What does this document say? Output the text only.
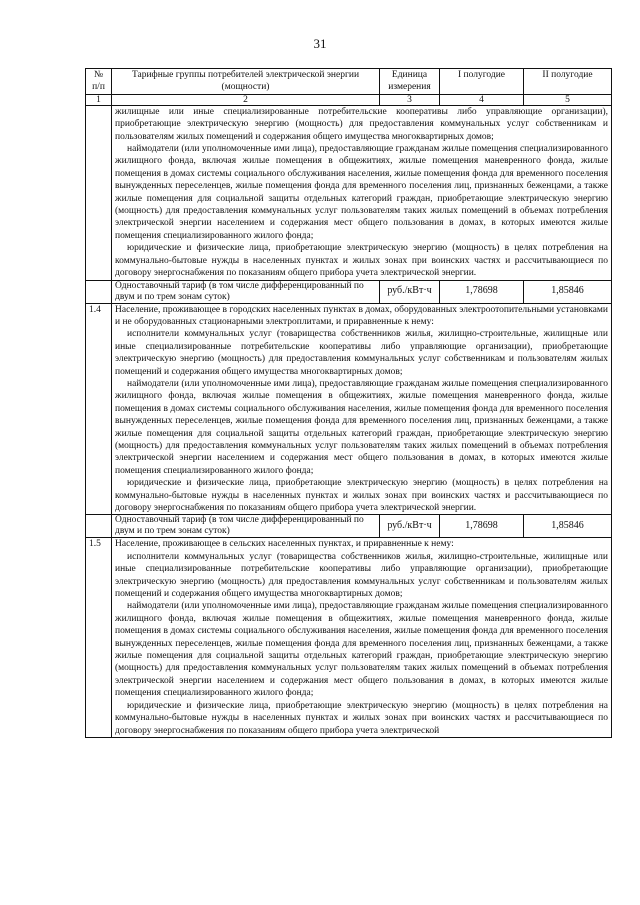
31
№ п/п	Тарифные группы потребителей электрической энергии (мощности)	Единица измерения	I полугодие	II полугодие
1	2	3	4	5

	жилищные или иные специализированные потребительские кооперативы либо управляющие организации), приобретающие электрическую энергию (мощность) для предоставления коммунальных услуг собственникам и пользователям жилых помещений и содержания общего имущества многоквартирных домов;

наймодатели (или уполномоченные ими лица), предоставляющие гражданам жилые помещения специализированного жилищного фонда, включая жилые помещения в общежитиях, жилые помещения маневренного фонда, жилые помещения в домах системы социального обслуживания населения, жилые помещения фонда для временного поселения вынужденных переселенцев, жилые помещения фонда для временного поселения лиц, признанных беженцами, а также жилые помещения для социальной защиты отдельных категорий граждан, приобретающие электрическую энергию (мощность) для предоставления коммунальных услуг пользователям таких жилых помещений в объемах потребления электрической энергии населением и содержания мест общего пользования в домах, в которых имеются жилые помещения специализированного жилого фонда;

юридические и физические лица, приобретающие электрическую энергию (мощность) в целях потребления на коммунально-бытовые нужды в населенных пунктах и жилых зонах при воинских частях и рассчитывающиеся по договору энергоснабжения по показаниям общего прибора учета электрической энергии.			

	Одноставочный тариф (в том числе дифференцированный по двум и по трем зонам суток)	руб./кВт·ч	1,78698	1,85846
1.4	Население, проживающее в городских населенных пунктах в домах, оборудованных электроотопительными установками и не оборудованных стационарными электроплитами, и приравненные к нему:

исполнители коммунальных услуг (товарищества собственников жилья, жилищно-строительные, жилищные или иные специализированные потребительские кооперативы либо управляющие организации), приобретающие электрическую энергию (мощность) для предоставления коммунальных услуг собственникам и пользователям жилых помещений и содержания общего имущества многоквартирных домов;

наймодатели (или уполномоченные ими лица), предоставляющие гражданам жилые помещения специализированного жилищного фонда, включая жилые помещения в общежитиях, жилые помещения маневренного фонда, жилые помещения в домах системы социального обслуживания населения, жилые помещения фонда для временного поселения вынужденных переселенцев, жилые помещения фонда для временного поселения лиц, признанных беженцами, а также жилые помещения для социальной защиты отдельных категорий граждан, приобретающие электрическую энергию (мощность) для предоставления коммунальных услуг пользователям таких жилых помещений в объемах потребления электрической энергии населением и содержания мест общего пользования в домах, в которых имеются жилые помещения специализированного жилого фонда;

юридические и физические лица, приобретающие электрическую энергию (мощность) в целях потребления на коммунально-бытовые нужды в населенных пунктах и жилых зонах при воинских частях и рассчитывающиеся по договору энергоснабжения по показаниям общего прибора учета электрической энергии.			

	Одноставочный тариф (в том числе дифференцированный по двум и по трем зонам суток)	руб./кВт·ч	1,78698	1,85846
1.5	Население, проживающее в сельских населенных пунктах, и приравненные к нему:

исполнители коммунальных услуг (товарищества собственников жилья, жилищно-строительные, жилищные или иные специализированные потребительские кооперативы либо управляющие организации), приобретающие электрическую энергию (мощность) для предоставления коммунальных услуг собственникам и пользователям жилых помещений и содержания общего имущества многоквартирных домов;

наймодатели (или уполномоченные ими лица), предоставляющие гражданам жилые помещения специализированного жилищного фонда, включая жилые помещения в общежитиях, жилые помещения маневренного фонда, жилые помещения в домах системы социального обслуживания населения, жилые помещения фонда для временного поселения вынужденных переселенцев, жилые помещения фонда для временного поселения лиц, признанных беженцами, а также жилые помещения для социальной защиты отдельных категорий граждан, приобретающие электрическую энергию (мощность) для предоставления коммунальных услуг пользователям таких жилых помещений в объемах потребления электрической энергии населением и содержания мест общего пользования в домах, в которых имеются жилые помещения специализированного жилого фонда;

юридические и физические лица, приобретающие электрическую энергию (мощность) в целях потребления на коммунально-бытовые нужды в населенных пунктах и жилых зонах при воинских частях и рассчитывающиеся по договору энергоснабжения по показаниям общего прибора учета электрической			
